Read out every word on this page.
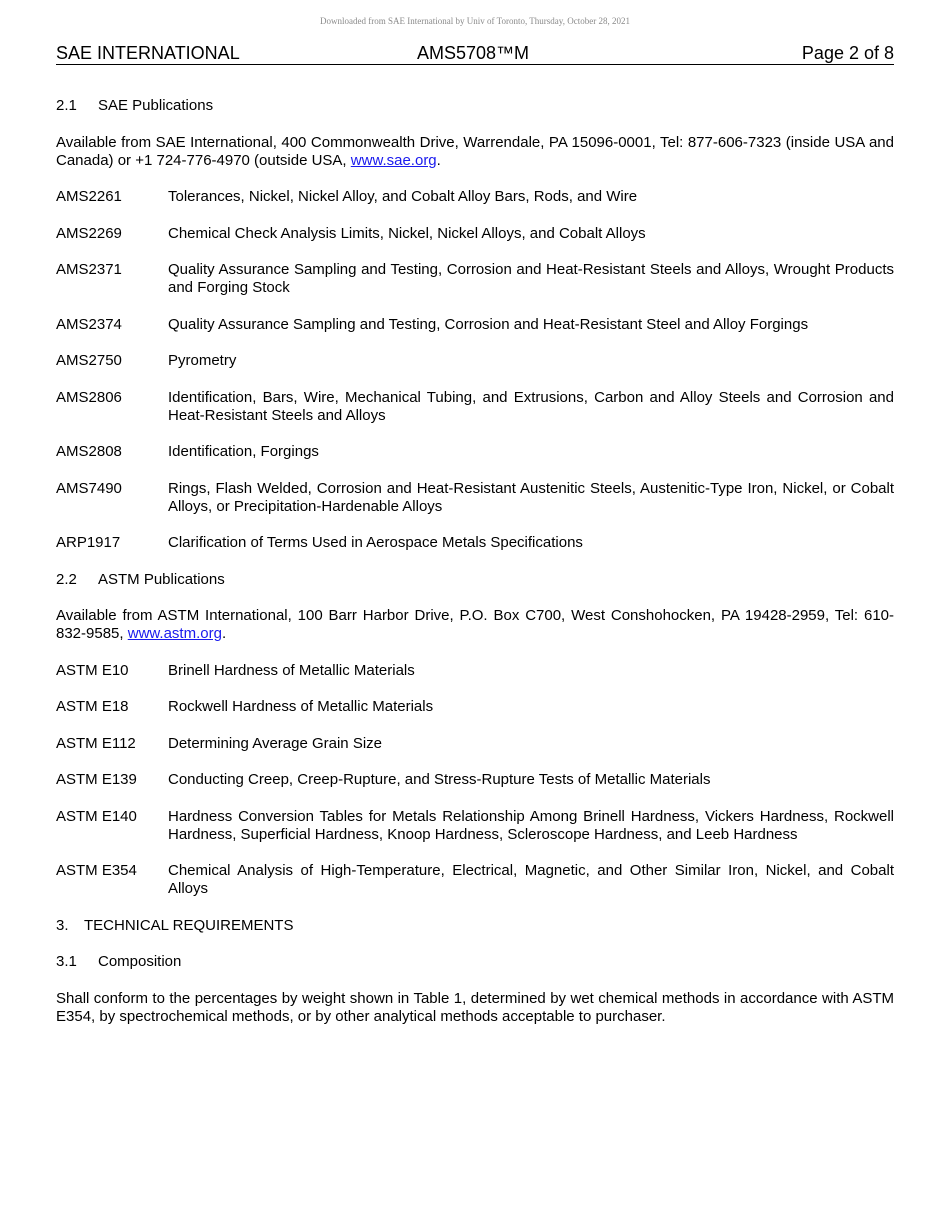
Downloaded from SAE International by Univ of Toronto, Thursday, October 28, 2021
SAE INTERNATIONAL	AMS5708™M	Page 2 of 8

2.1 SAE Publications

Available from SAE International, 400 Commonwealth Drive, Warrendale, PA 15096-0001, Tel: 877-606-7323 (inside USA and Canada) or +1 724-776-4970 (outside USA, www.sae.org.

AMS2261	Tolerances, Nickel, Nickel Alloy, and Cobalt Alloy Bars, Rods, and Wire
AMS2269	Chemical Check Analysis Limits, Nickel, Nickel Alloys, and Cobalt Alloys
AMS2371	Quality Assurance Sampling and Testing, Corrosion and Heat-Resistant Steels and Alloys, Wrought Products and Forging Stock
AMS2374	Quality Assurance Sampling and Testing, Corrosion and Heat-Resistant Steel and Alloy Forgings
AMS2750	Pyrometry
AMS2806	Identification, Bars, Wire, Mechanical Tubing, and Extrusions, Carbon and Alloy Steels and Corrosion and Heat-Resistant Steels and Alloys
AMS2808	Identification, Forgings
AMS7490	Rings, Flash Welded, Corrosion and Heat-Resistant Austenitic Steels, Austenitic-Type Iron, Nickel, or Cobalt Alloys, or Precipitation-Hardenable Alloys
ARP1917	Clarification of Terms Used in Aerospace Metals Specifications

2.2 ASTM Publications

Available from ASTM International, 100 Barr Harbor Drive, P.O. Box C700, West Conshohocken, PA 19428-2959, Tel: 610-832-9585, www.astm.org.

ASTM E10	Brinell Hardness of Metallic Materials
ASTM E18	Rockwell Hardness of Metallic Materials
ASTM E112	Determining Average Grain Size
ASTM E139	Conducting Creep, Creep-Rupture, and Stress-Rupture Tests of Metallic Materials
ASTM E140	Hardness Conversion Tables for Metals Relationship Among Brinell Hardness, Vickers Hardness, Rockwell Hardness, Superficial Hardness, Knoop Hardness, Scleroscope Hardness, and Leeb Hardness
ASTM E354	Chemical Analysis of High-Temperature, Electrical, Magnetic, and Other Similar Iron, Nickel, and Cobalt Alloys

3. TECHNICAL REQUIREMENTS

3.1 Composition

Shall conform to the percentages by weight shown in Table 1, determined by wet chemical methods in accordance with ASTM E354, by spectrochemical methods, or by other analytical methods acceptable to purchaser.
